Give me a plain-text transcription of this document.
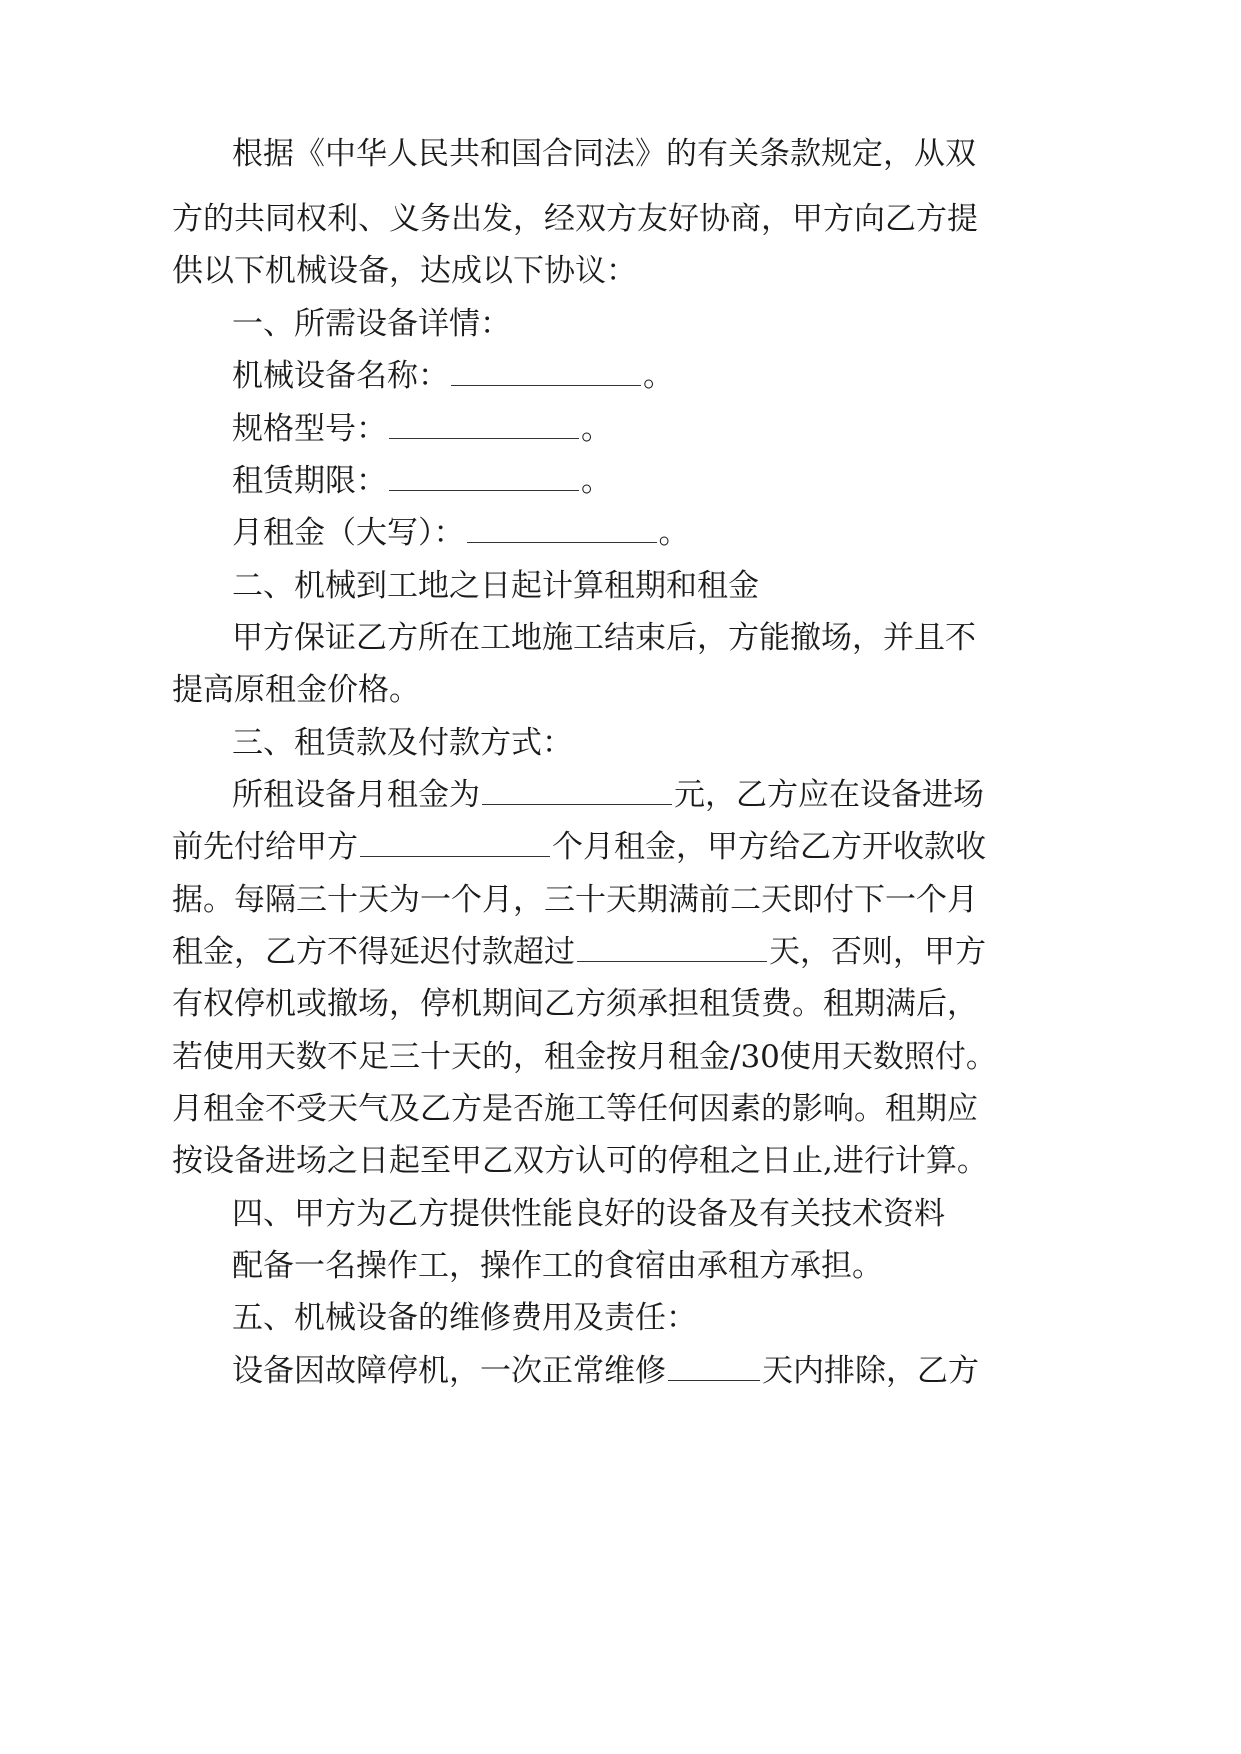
根据《中华人民共和国合同法》的有关条款规定，从双
方的共同权利、义务出发，经双方友好协商，甲方向乙方提
供以下机械设备，达成以下协议：
一、所需设备详情：
机械设备名称：	。
规格型号：	。
租赁期限：	。
月租金（大写）：	。
二、机械到工地之日起计算租期和租金
甲方保证乙方所在工地施工结束后，方能撤场，并且不
提高原租金价格。
三、租赁款及付款方式：
所租设备月租金为	元，乙方应在设备进场
前先付给甲方	个月租金，甲方给乙方开收款收
据。每隔三十天为一个月，三十天期满前二天即付下一个月
租金，乙方不得延迟付款超过	天，否则，甲方
有权停机或撤场，停机期间乙方须承担租赁费。租期满后，
若使用天数不足三十天的，租金按月租金/30使用天数照付。
月租金不受天气及乙方是否施工等任何因素的影响。租期应
按设备进场之日起至甲乙双方认可的停租之日止,进行计算。
四、甲方为乙方提供性能良好的设备及有关技术资料
配备一名操作工，操作工的食宿由承租方承担。
五、机械设备的维修费用及责任：
设备因故障停机，一次正常维修	天内排除，乙方
